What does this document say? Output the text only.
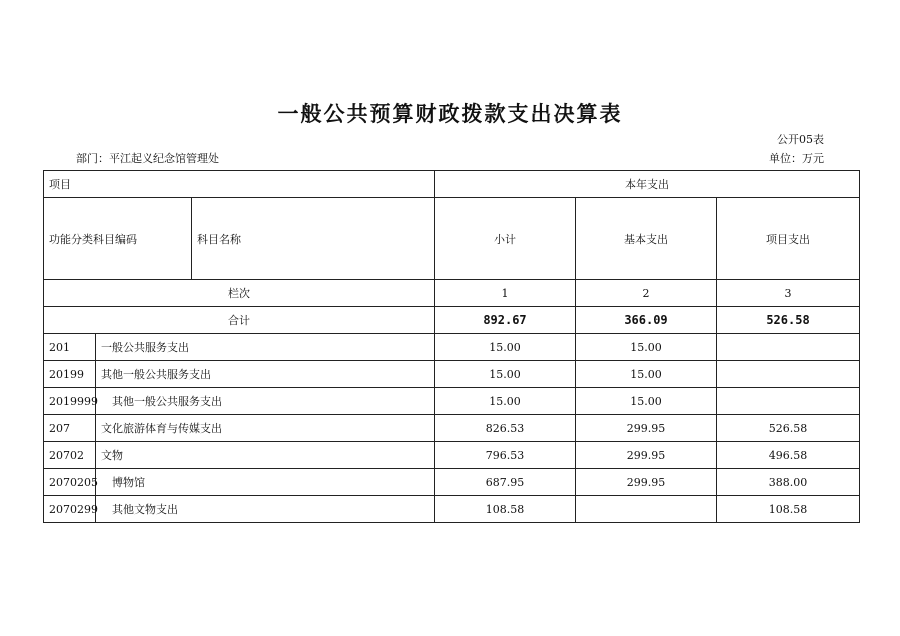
一般公共预算财政拨款支出决算表
公开05表
部门：平江起义纪念馆管理处	单位：万元
项目			本年支出		
功能分类科目编码		科目名称	小计	基本支出	项目支出
栏次			1	2	3
合计			892.67	366.09	526.58
201	一般公共服务支出		15.00	15.00	
20199	其他一般公共服务支出		15.00	15.00	
2019999	其他一般公共服务支出		15.00	15.00	
207	文化旅游体育与传媒支出		826.53	299.95	526.58
20702	文物		796.53	299.95	496.58
2070205	博物馆		687.95	299.95	388.00
2070299	其他文物支出		108.58		108.58
